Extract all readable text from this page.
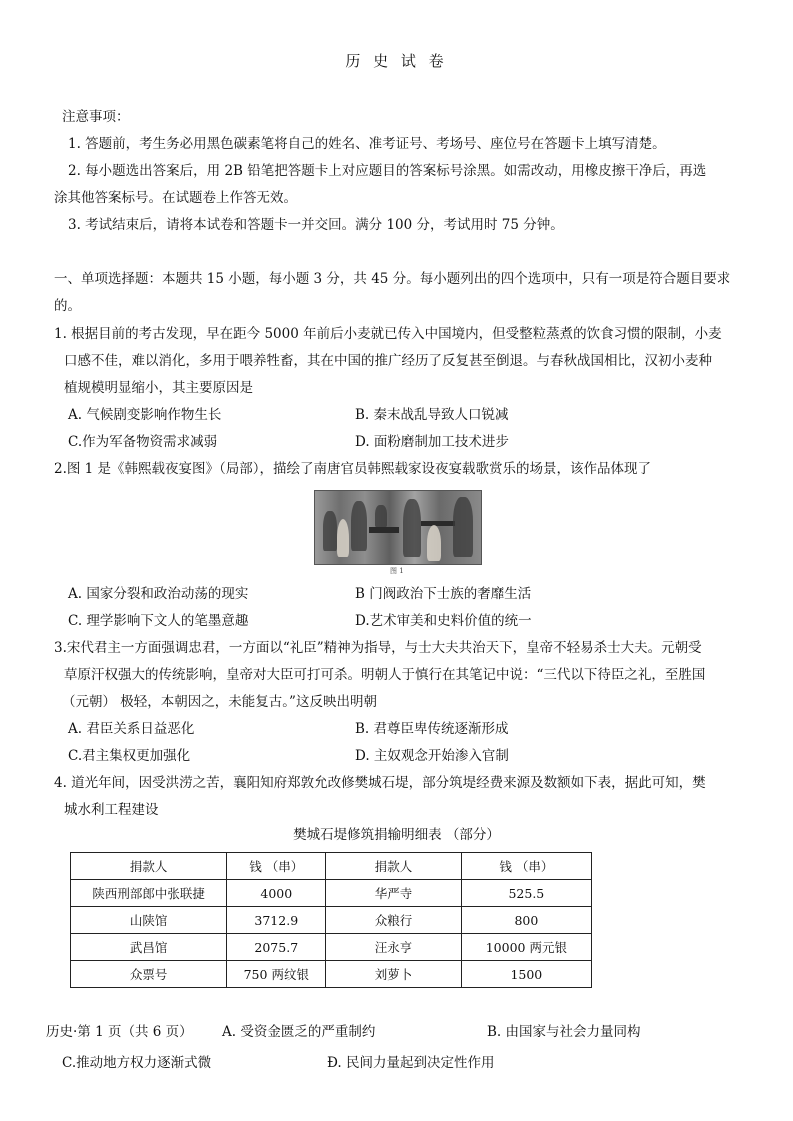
历 史 试 卷
注意事项：
1. 答题前，考生务必用黑色碳素笔将自己的姓名、准考证号、考场号、座位号在答题卡上填写清楚。
2. 每小题选出答案后，用 2B 铅笔把答题卡上对应题目的答案标号涂黑。如需改动，用橡皮擦干净后，再选
涂其他答案标号。在试题卷上作答无效。
3. 考试结束后，请将本试卷和答题卡一并交回。满分 100 分，考试用时 75 分钟。
一、单项选择题：本题共 15 小题，每小题 3 分，共 45 分。每小题列出的四个选项中，只有一项是符合题目要求
的。
1. 根据目前的考古发现，早在距今 5000 年前后小麦就已传入中国境内，但受整粒蒸煮的饮食习惯的限制，小麦
口感不佳，难以消化，多用于喂养牲畜，其在中国的推广经历了反复甚至倒退。与春秋战国相比，汉初小麦种
植规模明显缩小，其主要原因是
A. 气候剧变影响作物生长	B. 秦末战乱导致人口锐减
C.作为军备物资需求减弱	D. 面粉磨制加工技术进步
2.图 1 是《韩熙载夜宴图》（局部），描绘了南唐官员韩熙载家设夜宴载歌赏乐的场景，该作品体现了
图 1
A. 国家分裂和政治动荡的现实	B 门阀政治下士族的奢靡生活
C. 理学影响下文人的笔墨意趣	D.艺术审美和史料价值的统一
3.宋代君主一方面强调忠君，一方面以“礼臣”精神为指导，与士大夫共治天下，皇帝不轻易杀士大夫。元朝受
草原汗权强大的传统影响，皇帝对大臣可打可杀。明朝人于慎行在其笔记中说：“三代以下待臣之礼，至胜国
（元朝） 极轻，本朝因之，未能复古。”这反映出明朝
A. 君臣关系日益恶化	B. 君尊臣卑传统逐渐形成
C.君主集权更加强化	D. 主奴观念开始渗入官制
4. 道光年间，因受洪涝之苦，襄阳知府郑敦允改修樊城石堤，部分筑堤经费来源及数额如下表，据此可知，樊
城水利工程建设
樊城石堤修筑捐输明细表 （部分）
捐款人	钱 （串）	捐款人	钱 （串）
陕西刑部郎中张联捷	4000	华严寺	525.5
山陕馆	3712.9	众粮行	800
武昌馆	2075.7	汪永亨	10000 两元银
众票号	750 两纹银	刘萝卜	1500
历史·第 1 页（共 6 页） A. 受资金匮乏的严重制约	B. 由国家与社会力量同构
C.推动地方权力逐渐式微	Đ. 民间力量起到决定性作用
